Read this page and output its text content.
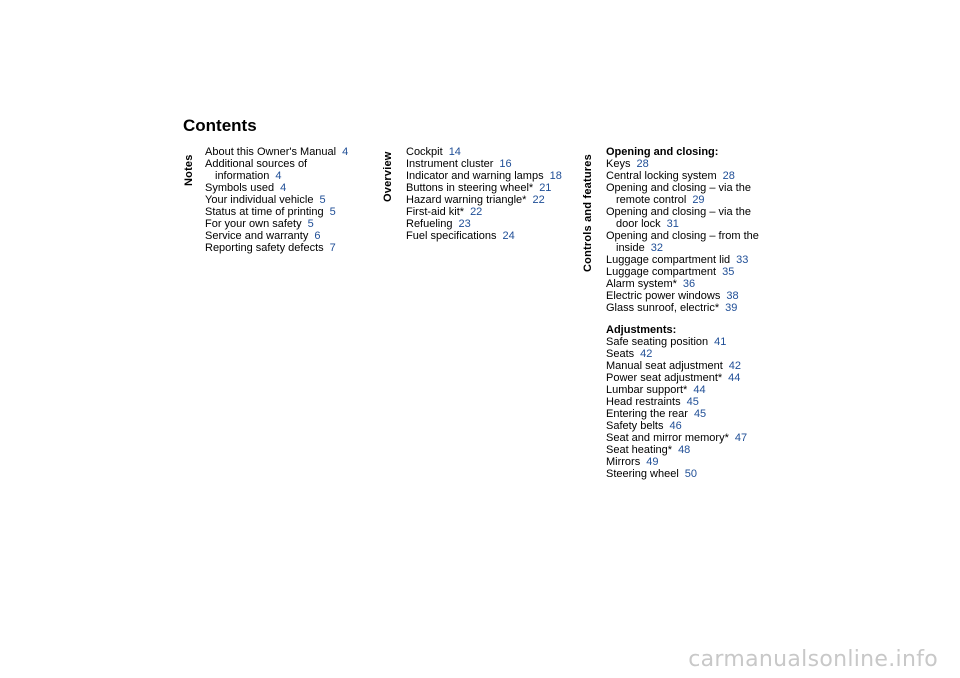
Contents
Notes
About this Owner's Manual 4
Additional sources of
information 4
Symbols used 4
Your individual vehicle 5
Status at time of printing 5
For your own safety 5
Service and warranty 6
Reporting safety defects 7
Overview Cockpit 14
Instrument cluster 16
Indicator and warning lamps 18
Buttons in steering wheel* 21
Hazard warning triangle* 22
First-aid kit* 22
Refueling 23
Fuel specifications 24	Controls and features
Opening and closing:
Keys 28
Central locking system 28
Opening and closing – via the
remote control 29
Opening and closing – via the
door lock 31
Opening and closing – from the
inside 32
Luggage compartment lid 33
Luggage compartment 35
Alarm system* 36
Electric power windows 38
Glass sunroof, electric* 39
Adjustments:
Safe seating position 41
Seats 42
Manual seat adjustment 42
Power seat adjustment* 44
Lumbar support* 44
Head restraints 45
Entering the rear 45
Safety belts 46
Seat and mirror memory* 47
Seat heating* 48
Mirrors 49
Steering wheel 50
carmanualsonline.info
